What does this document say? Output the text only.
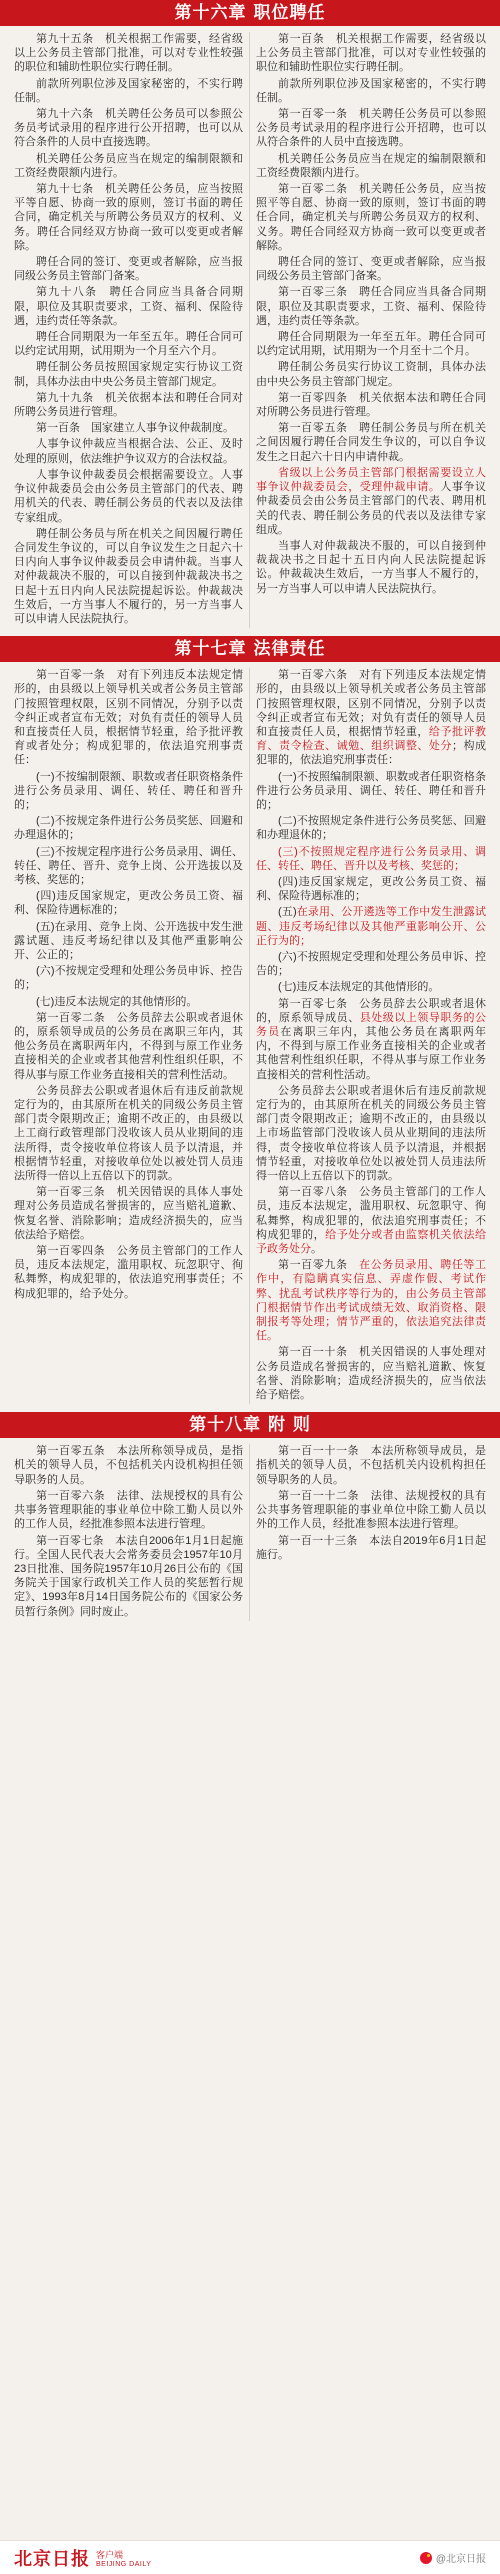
第十六章 职位聘任

第九十五条　机关根据工作需要，经省级以上公务员主管部门批准，可以对专业性较强的职位和辅助性职位实行聘任制。

前款所列职位涉及国家秘密的，不实行聘任制。

第九十六条　机关聘任公务员可以参照公务员考试录用的程序进行公开招聘，也可以从符合条件的人员中直接选聘。

机关聘任公务员应当在规定的编制限额和工资经费限额内进行。

第九十七条　机关聘任公务员，应当按照平等自愿、协商一致的原则，签订书面的聘任合同，确定机关与所聘公务员双方的权利、义务。聘任合同经双方协商一致可以变更或者解除。

聘任合同的签订、变更或者解除，应当报同级公务员主管部门备案。

第九十八条　聘任合同应当具备合同期限，职位及其职责要求，工资、福利、保险待遇，违约责任等条款。

聘任合同期限为一年至五年。聘任合同可以约定试用期，试用期为一个月至六个月。

聘任制公务员按照国家规定实行协议工资制，具体办法由中央公务员主管部门规定。

第九十九条　机关依据本法和聘任合同对所聘公务员进行管理。

第一百条　国家建立人事争议仲裁制度。

人事争议仲裁应当根据合法、公正、及时处理的原则，依法维护争议双方的合法权益。

人事争议仲裁委员会根据需要设立。人事争议仲裁委员会由公务员主管部门的代表、聘用机关的代表、聘任制公务员的代表以及法律专家组成。

聘任制公务员与所在机关之间因履行聘任合同发生争议的，可以自争议发生之日起六十日内向人事争议仲裁委员会申请仲裁。当事人对仲裁裁决不服的，可以自接到仲裁裁决书之日起十五日内向人民法院提起诉讼。仲裁裁决生效后，一方当事人不履行的，另一方当事人可以申请人民法院执行。

第一百条　机关根据工作需要，经省级以上公务员主管部门批准，可以对专业性较强的职位和辅助性职位实行聘任制。

前款所列职位涉及国家秘密的，不实行聘任制。

第一百零一条　机关聘任公务员可以参照公务员考试录用的程序进行公开招聘，也可以从符合条件的人员中直接选聘。

机关聘任公务员应当在规定的编制限额和工资经费限额内进行。

第一百零二条　机关聘任公务员，应当按照平等自愿、协商一致的原则，签订书面的聘任合同，确定机关与所聘公务员双方的权利、义务。聘任合同经双方协商一致可以变更或者解除。

聘任合同的签订、变更或者解除，应当报同级公务员主管部门备案。

第一百零三条　聘任合同应当具备合同期限，职位及其职责要求，工资、福利、保险待遇，违约责任等条款。

聘任合同期限为一年至五年。聘任合同可以约定试用期，试用期为一个月至十二个月。

聘任制公务员实行协议工资制，具体办法由中央公务员主管部门规定。

第一百零四条　机关依据本法和聘任合同对所聘公务员进行管理。

第一百零五条　聘任制公务员与所在机关之间因履行聘任合同发生争议的，可以自争议发生之日起六十日内申请仲裁。

省级以上公务员主管部门根据需要设立人事争议仲裁委员会，受理仲裁申请。人事争议仲裁委员会由公务员主管部门的代表、聘用机关的代表、聘任制公务员的代表以及法律专家组成。

当事人对仲裁裁决不服的，可以自接到仲裁裁决书之日起十五日内向人民法院提起诉讼。仲裁裁决生效后，一方当事人不履行的，另一方当事人可以申请人民法院执行。

第十七章 法律责任

第一百零一条　对有下列违反本法规定情形的，由县级以上领导机关或者公务员主管部门按照管理权限，区别不同情况，分别予以责令纠正或者宣布无效；对负有责任的领导人员和直接责任人员，根据情节轻重，给予批评教育或者处分；构成犯罪的，依法追究刑事责任：

(一)不按编制限额、职数或者任职资格条件进行公务员录用、调任、转任、聘任和晋升的；

(二)不按规定条件进行公务员奖惩、回避和办理退休的；

(三)不按规定程序进行公务员录用、调任、转任、聘任、晋升、竞争上岗、公开选拔以及考核、奖惩的；

(四)违反国家规定，更改公务员工资、福利、保险待遇标准的；

(五)在录用、竞争上岗、公开选拔中发生泄露试题、违反考场纪律以及其他严重影响公开、公正的；

(六)不按规定受理和处理公务员申诉、控告的；

(七)违反本法规定的其他情形的。

第一百零二条　公务员辞去公职或者退休的，原系领导成员的公务员在离职三年内，其他公务员在离职两年内，不得到与原工作业务直接相关的企业或者其他营利性组织任职，不得从事与原工作业务直接相关的营利性活动。

公务员辞去公职或者退休后有违反前款规定行为的，由其原所在机关的同级公务员主管部门责令限期改正；逾期不改正的，由县级以上工商行政管理部门没收该人员从业期间的违法所得，责令接收单位将该人员予以清退，并根据情节轻重，对接收单位处以被处罚人员违法所得一倍以上五倍以下的罚款。

第一百零三条　机关因错误的具体人事处理对公务员造成名誉损害的，应当赔礼道歉、恢复名誉、消除影响；造成经济损失的，应当依法给予赔偿。

第一百零四条　公务员主管部门的工作人员，违反本法规定，滥用职权、玩忽职守、徇私舞弊，构成犯罪的，依法追究刑事责任；不构成犯罪的，给予处分。

第一百零六条　对有下列违反本法规定情形的，由县级以上领导机关或者公务员主管部门按照管理权限，区别不同情况，分别予以责令纠正或者宣布无效；对负有责任的领导人员和直接责任人员，根据情节轻重，给予批评教育、责令检查、诫勉、组织调整、处分；构成犯罪的，依法追究刑事责任：

(一)不按照编制限额、职数或者任职资格条件进行公务员录用、调任、转任、聘任和晋升的；

(二)不按照规定条件进行公务员奖惩、回避和办理退休的；

(三)不按照规定程序进行公务员录用、调任、转任、聘任、晋升以及考核、奖惩的；

(四)违反国家规定，更改公务员工资、福利、保险待遇标准的；

(五)在录用、公开遴选等工作中发生泄露试题、违反考场纪律以及其他严重影响公开、公正行为的；

(六)不按照规定受理和处理公务员申诉、控告的；

(七)违反本法规定的其他情形的。

第一百零七条　公务员辞去公职或者退休的，原系领导成员、县处级以上领导职务的公务员在离职三年内，其他公务员在离职两年内，不得到与原工作业务直接相关的企业或者其他营利性组织任职，不得从事与原工作业务直接相关的营利性活动。

公务员辞去公职或者退休后有违反前款规定行为的，由其原所在机关的同级公务员主管部门责令限期改正；逾期不改正的，由县级以上市场监管部门没收该人员从业期间的违法所得，责令接收单位将该人员予以清退，并根据情节轻重，对接收单位处以被处罚人员违法所得一倍以上五倍以下的罚款。

第一百零八条　公务员主管部门的工作人员，违反本法规定，滥用职权、玩忽职守、徇私舞弊，构成犯罪的，依法追究刑事责任；不构成犯罪的，给予处分或者由监察机关依法给予政务处分。

第一百零九条　在公务员录用、聘任等工作中，有隐瞒真实信息、弄虚作假、考试作弊、扰乱考试秩序等行为的，由公务员主管部门根据情节作出考试成绩无效、取消资格、限制报考等处理；情节严重的，依法追究法律责任。

第一百一十条　机关因错误的人事处理对公务员造成名誉损害的，应当赔礼道歉、恢复名誉、消除影响；造成经济损失的，应当依法给予赔偿。

第十八章 附 则

第一百零五条　本法所称领导成员，是指机关的领导人员，不包括机关内设机构担任领导职务的人员。

第一百零六条　法律、法规授权的具有公共事务管理职能的事业单位中除工勤人员以外的工作人员，经批准参照本法进行管理。

第一百零七条　本法自2006年1月1日起施行。全国人民代表大会常务委员会1957年10月23日批准、国务院1957年10月26日公布的《国务院关于国家行政机关工作人员的奖惩暂行规定》、1993年8月14日国务院公布的《国家公务员暂行条例》同时废止。

第一百一十一条　本法所称领导成员，是指机关的领导人员，不包括机关内设机构担任领导职务的人员。

第一百一十二条　法律、法规授权的具有公共事务管理职能的事业单位中除工勤人员以外的工作人员，经批准参照本法进行管理。

第一百一十三条　本法自2019年6月1日起施行。

北京日报 客户端
BEIJING DAILY	@北京日报
